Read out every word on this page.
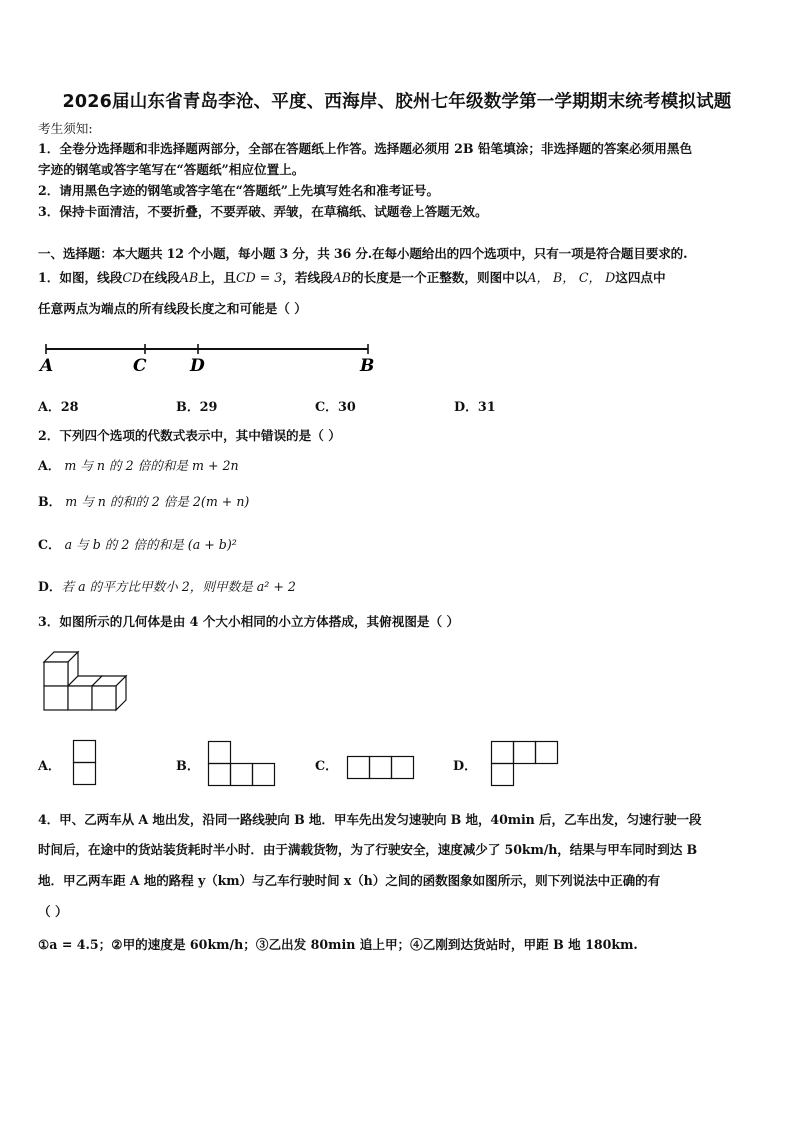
2026届山东省青岛李沧、平度、西海岸、胶州七年级数学第一学期期末统考模拟试题
考生须知:
1．全卷分选择题和非选择题两部分，全部在答题纸上作答。选择题必须用 2B 铅笔填涂；非选择题的答案必须用黑色
字迹的钢笔或答字笔写在“答题纸”相应位置上。
2．请用黑色字迹的钢笔或答字笔在“答题纸”上先填写姓名和准考证号。
3．保持卡面清洁，不要折叠，不要弄破、弄皱，在草稿纸、试题卷上答题无效。
一、选择题：本大题共 12 个小题，每小题 3 分，共 36 分.在每小题给出的四个选项中，只有一项是符合题目要求的.
1．如图，线段CD在线段AB上，且CD = 3，若线段AB的长度是一个正整数，则图中以A， B， C， D这四点中
任意两点为端点的所有线段长度之和可能是（ ）
A	C	D	B
A．28	B．29	C．30	D．31
2．下列四个选项的代数式表示中，其中错误的是（ ）
A． m 与 n 的 2 倍的和是 m + 2n
B． m 与 n 的和的 2 倍是 2(m + n)
C． a 与 b 的 2 倍的和是 (a + b)²
D．若 a 的平方比甲数小 2，则甲数是 a² + 2
3．如图所示的几何体是由 4 个大小相同的小立方体搭成，其俯视图是（ ）
A．	B．	C．	D．
4．甲、乙两车从 A 地出发，沿同一路线驶向 B 地．甲车先出发匀速驶向 B 地，40min 后，乙车出发，匀速行驶一段
时间后，在途中的货站装货耗时半小时．由于满载货物，为了行驶安全，速度减少了 50km/h，结果与甲车同时到达 B
地．甲乙两车距 A 地的路程 y（km）与乙车行驶时间 x（h）之间的函数图象如图所示，则下列说法中正确的有
（ ）
①a = 4.5；②甲的速度是 60km/h；③乙出发 80min 追上甲；④乙刚到达货站时，甲距 B 地 180km.
